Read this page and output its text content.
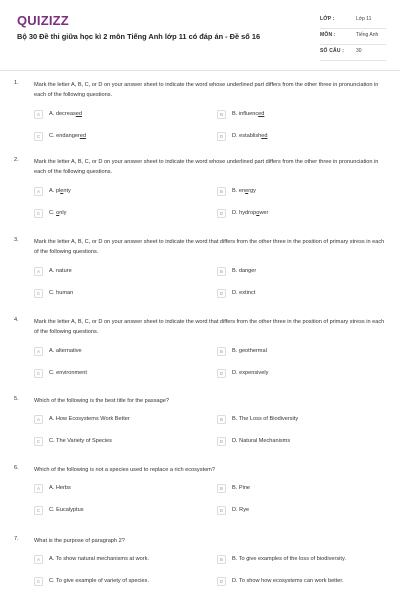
QUIZIZZ
Bộ 30 Đề thi giữa học kì 2 môn Tiếng Anh lớp 11 có đáp án - Đề số 16
LỚP :	Lớp 11
MÔN :	Tiếng Anh
SỐ CÂU : 30
1.	Mark the letter A, B, C, or D on your answer sheet to indicate the word whose underlined part differs from the other three in pronunciation in each of the following questions.
A	A. decreased	B	B. influenced
C	C. endangered	D	D. established
2.	Mark the letter A, B, C, or D on your answer sheet to indicate the word whose underlined part differs from the other three in pronunciation in each of the following questions.
A	A. plenty	B	B. energy
C	C. only	D	D. hydropower
3.	Mark the letter A, B, C, or D on your answer sheet to indicate the word that differs from the other three in the position of primary stress in each of the following questions.
A	A. nature	B	B. danger
C	C. human	D	D. extinct
4.	Mark the letter A, B, C, or D on your answer sheet to indicate the word that differs from the other three in the position of primary stress in each of the following questions.
A	A. alternative	B	B. geothermal
C	C. environment	D	D. expensively
5.	Which of the following is the best title for the passage?
A	A. How Ecosystems Work Better	B	B. The Loss of Biodiversity
C	C. The Variety of Species	D	D. Natural Mechanisms
6.	Which of the following is not a species used to replace a rich ecosystem?
A	A. Herbs	B	B. Pine
C	C. Eucalyptus	D	D. Rye
7.	What is the purpose of paragraph 2?
A	A. To show natural mechanisms at work.	B	B. To give examples of the loss of biodiversity.
C	C. To give example of variety of species.	D	D. To show how ecosystems can work better.
